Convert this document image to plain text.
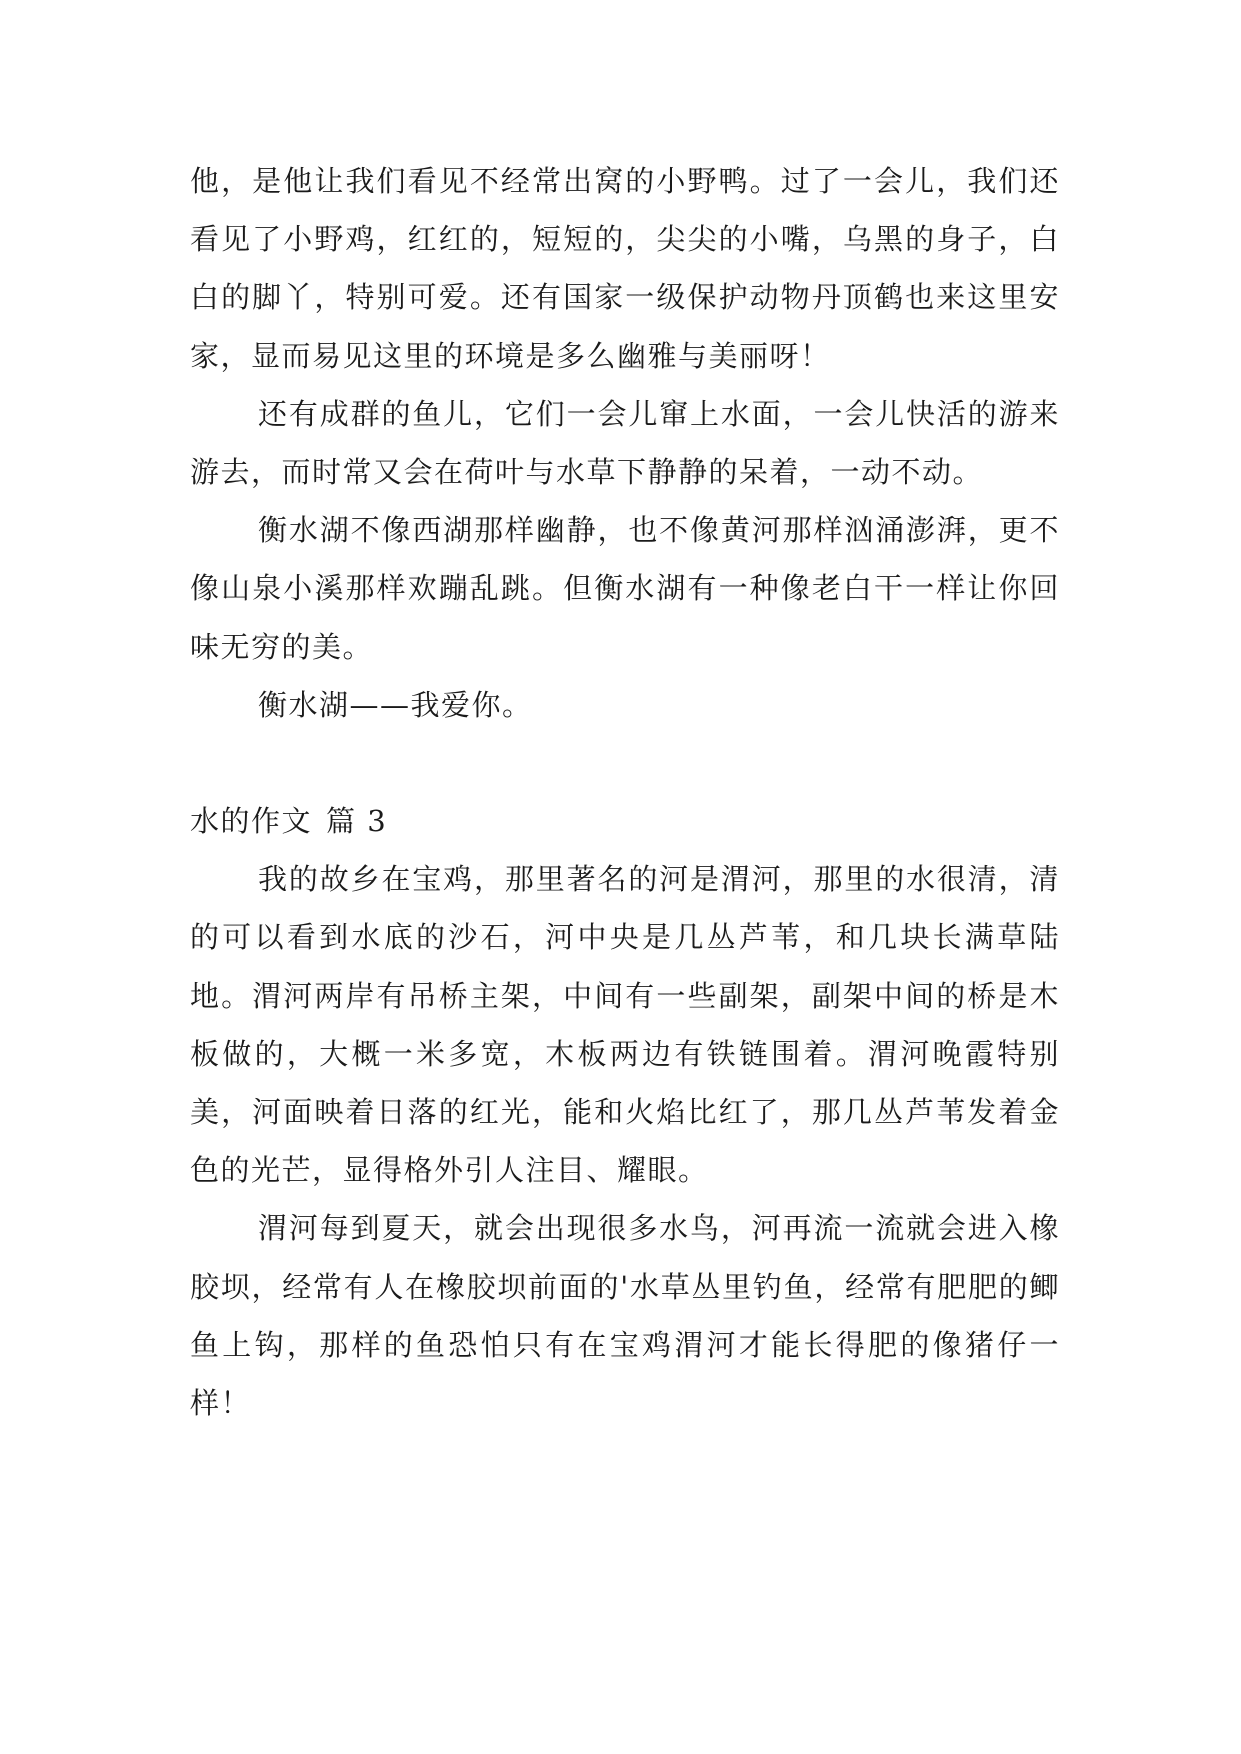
他，是他让我们看见不经常出窝的小野鸭。过了一会儿，我们还看见了小野鸡，红红的，短短的，尖尖的小嘴，乌黑的身子，白白的脚丫，特别可爱。还有国家一级保护动物丹顶鹤也来这里安家，显而易见这里的环境是多么幽雅与美丽呀！

还有成群的鱼儿，它们一会儿窜上水面，一会儿快活的游来游去，而时常又会在荷叶与水草下静静的呆着，一动不动。

衡水湖不像西湖那样幽静，也不像黄河那样汹涌澎湃，更不像山泉小溪那样欢蹦乱跳。但衡水湖有一种像老白干一样让你回味无穷的美。

衡水湖——我爱你。

水的作文 篇 3

我的故乡在宝鸡，那里著名的河是渭河，那里的水很清，清的可以看到水底的沙石，河中央是几丛芦苇，和几块长满草陆地。渭河两岸有吊桥主架，中间有一些副架，副架中间的桥是木板做的，大概一米多宽，木板两边有铁链围着。渭河晚霞特别美，河面映着日落的红光，能和火焰比红了，那几丛芦苇发着金色的光芒，显得格外引人注目、耀眼。

渭河每到夏天，就会出现很多水鸟，河再流一流就会进入橡胶坝，经常有人在橡胶坝前面的'水草丛里钓鱼，经常有肥肥的鲫鱼上钩，那样的鱼恐怕只有在宝鸡渭河才能长得肥的像猪仔一样！
